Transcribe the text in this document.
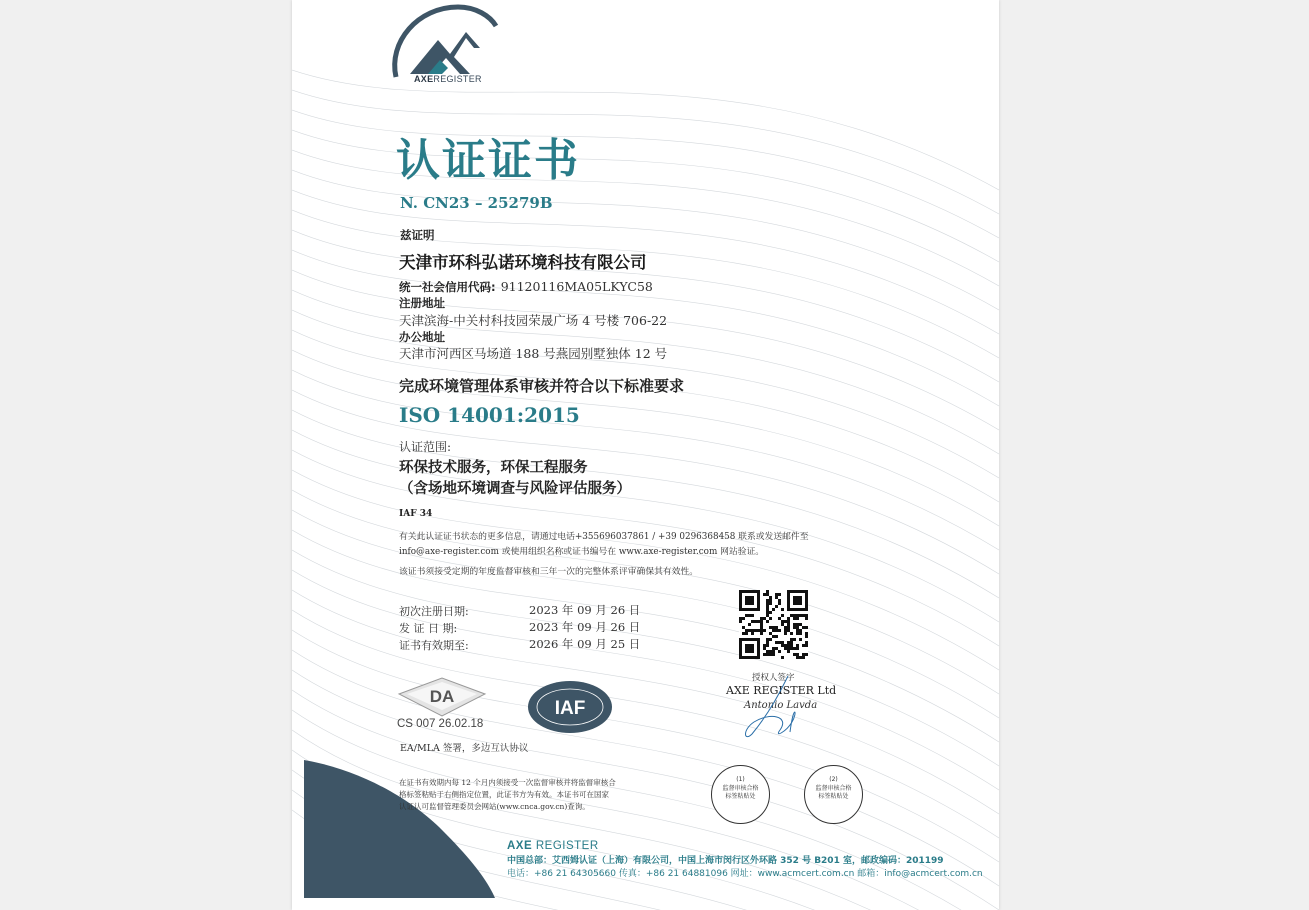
AXEREGISTER
认证证书
N. CN23 – 25279B
兹证明
天津市环科弘诺环境科技有限公司
统一社会信用代码: 91120116MA05LKYC58
注册地址
天津滨海-中关村科技园荣晟广场 4 号楼 706-22
办公地址
天津市河西区马场道 188 号燕园别墅独体 12 号
完成环境管理体系审核并符合以下标准要求
ISO 14001:2015
认证范围:
环保技术服务，环保工程服务
（含场地环境调查与风险评估服务）
IAF 34
有关此认证证书状态的更多信息，请通过电话+355696037861 / +39 0296368458 联系或发送邮件至
info@axe-register.com 或使用组织名称或证书编号在 www.axe-register.com 网站验证。
该证书须接受定期的年度监督审核和三年一次的完整体系评审确保其有效性。
初次注册日期:	2023 年 09 月 26 日
发 证 日 期:	2023 年 09 月 26 日
证书有效期至:	2026 年 09 月 25 日
授权人签字
AXE REGISTER Ltd
Antonio Lavda
DA
CS 007 26.02.18
IAF
EA/MLA 签署，多边互认协议
在证书有效期内每 12 个月内须接受一次监督审核并将监督审核合
格标签粘贴于右侧指定位置，此证书方为有效。本证书可在国家
认证认可监督管理委员会网站(www.cnca.gov.cn)查询。
(1)
监督审核合格标签粘贴处
(2)
监督审核合格标签粘贴处
AXE REGISTER
中国总部：艾西姆认证（上海）有限公司，中国上海市闵行区外环路 352 号 B201 室，邮政编码：201199
电话：+86 21 64305660 传真：+86 21 64881096 网址：www.acmcert.com.cn 邮箱：info@acmcert.com.cn
